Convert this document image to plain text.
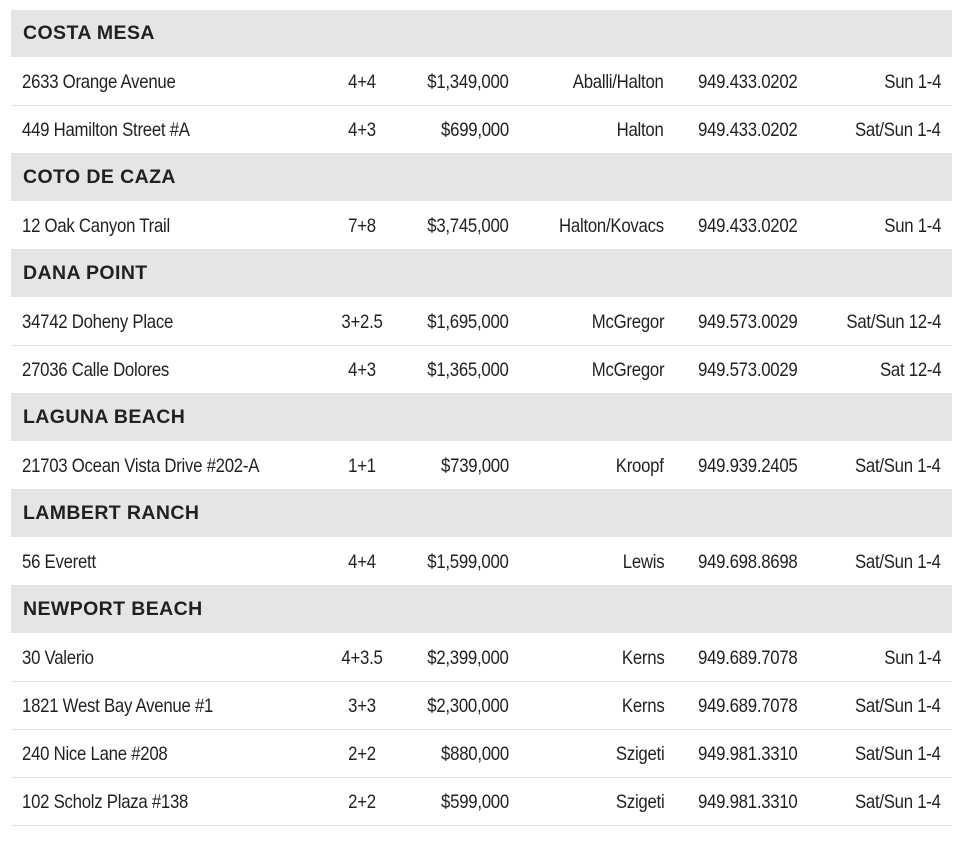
COSTA MESA
2633 Orange Avenue	4+4	$1,349,000	Aballi/Halton 949.433.0202	Sun 1-4
449 Hamilton Street #A	4+3	$699,000	Halton 949.433.0202	Sat/Sun 1-4
COTO DE CAZA
12 Oak Canyon Trail	7+8	$3,745,000	Halton/Kovacs 949.433.0202	Sun 1-4
DANA POINT
34742 Doheny Place	3+2.5	$1,695,000	McGregor 949.573.0029 Sat/Sun 12-4
27036 Calle Dolores	4+3	$1,365,000	McGregor 949.573.0029	Sat 12-4
LAGUNA BEACH
21703 Ocean Vista Drive #202-A	1+1	$739,000	Kroopf 949.939.2405	Sat/Sun 1-4
LAMBERT RANCH
56 Everett	4+4	$1,599,000	Lewis 949.698.8698	Sat/Sun 1-4
NEWPORT BEACH
30 Valerio	4+3.5	$2,399,000	Kerns 949.689.7078	Sun 1-4
1821 West Bay Avenue #1	3+3	$2,300,000	Kerns 949.689.7078	Sat/Sun 1-4
240 Nice Lane #208	2+2	$880,000	Szigeti 949.981.3310	Sat/Sun 1-4
102 Scholz Plaza #138	2+2	$599,000	Szigeti 949.981.3310	Sat/Sun 1-4
